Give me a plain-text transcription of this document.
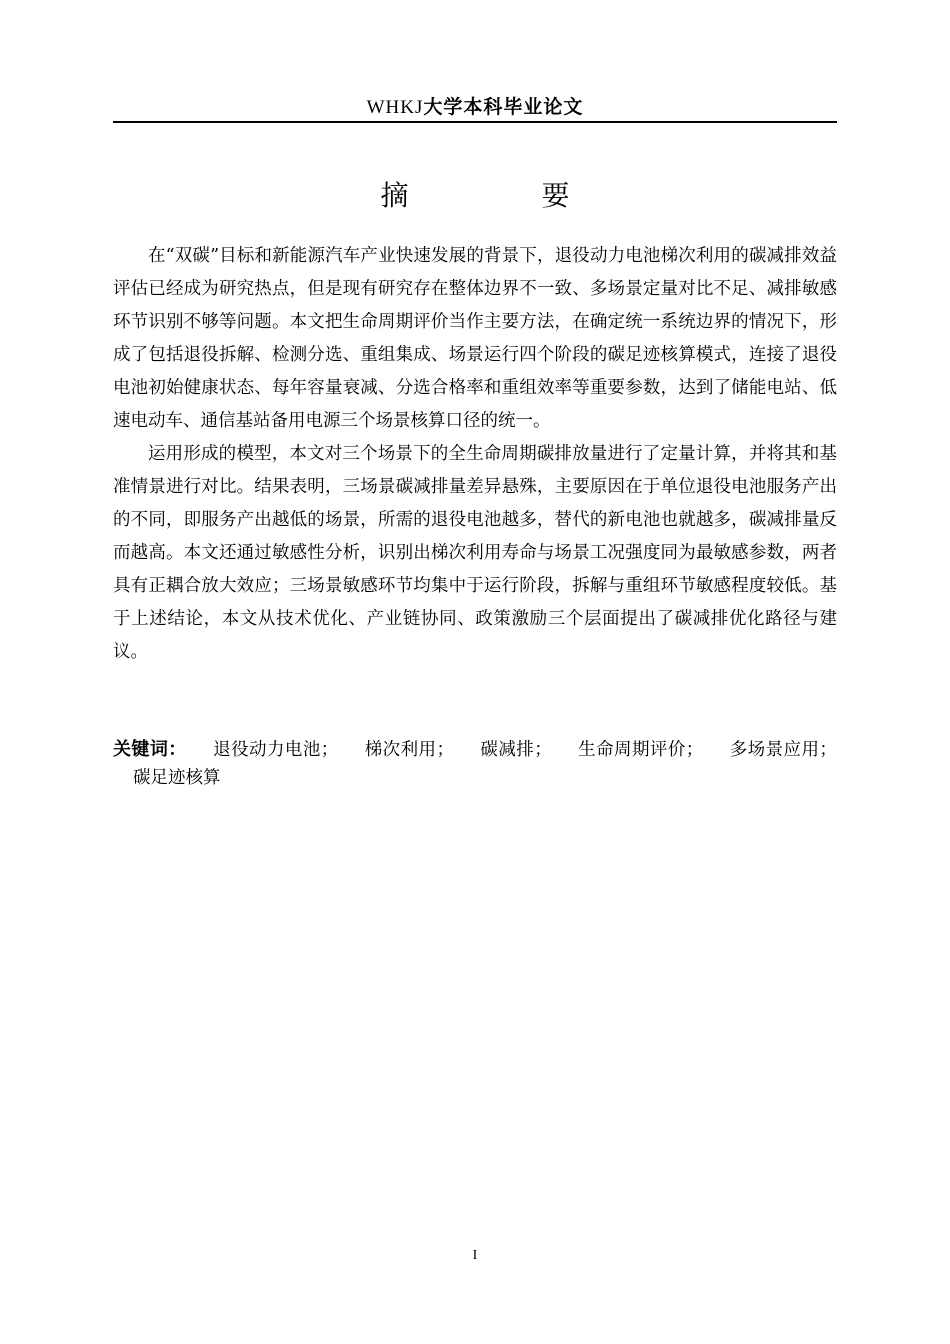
WHKJ大学本科毕业论文
摘 要

在“双碳”目标和新能源汽车产业快速发展的背景下，退役动力电池梯次利用的碳减排效益评估已经成为研究热点，但是现有研究存在整体边界不一致、多场景定量对比不足、减排敏感环节识别不够等问题。本文把生命周期评价当作主要方法，在确定统一系统边界的情况下，形成了包括退役拆解、检测分选、重组集成、场景运行四个阶段的碳足迹核算模式，连接了退役电池初始健康状态、每年容量衰减、分选合格率和重组效率等重要参数，达到了储能电站、低速电动车、通信基站备用电源三个场景核算口径的统一。

运用形成的模型，本文对三个场景下的全生命周期碳排放量进行了定量计算，并将其和基准情景进行对比。结果表明，三场景碳减排量差异悬殊，主要原因在于单位退役电池服务产出的不同，即服务产出越低的场景，所需的退役电池越多，替代的新电池也就越多，碳减排量反而越高。本文还通过敏感性分析，识别出梯次利用寿命与场景工况强度同为最敏感参数，两者具有正耦合放大效应；三场景敏感环节均集中于运行阶段，拆解与重组环节敏感程度较低。基于上述结论，本文从技术优化、产业链协同、政策激励三个层面提出了碳减排优化路径与建议。

关键词： 退役动力电池； 梯次利用； 碳减排； 生命周期评价； 多场景应用； 碳足迹核算
I
